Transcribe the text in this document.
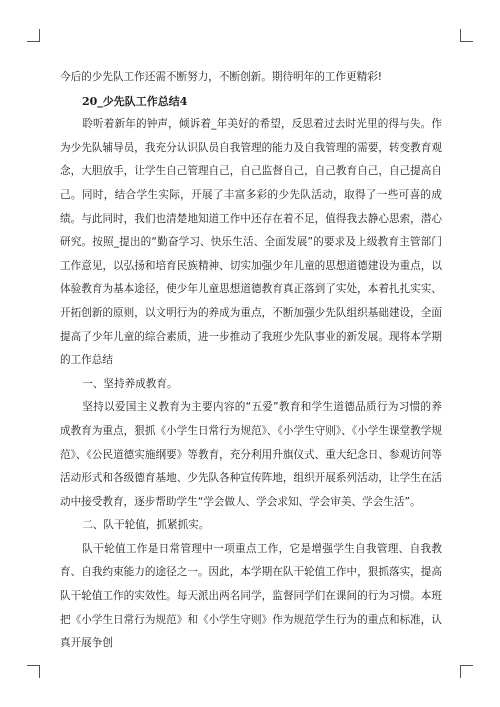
今后的少先队工作还需不断努力，不断创新。期待明年的工作更精彩!

20_少先队工作总结4

聆听着新年的钟声，倾诉着_年美好的希望，反思着过去时光里的得与失。作为少先队辅导员，我充分认识队员自我管理的能力及自我管理的需要，转变教育观念，大胆放手，让学生自己管理自己，自己监督自己，自己教育自己，自己提高自己。同时，结合学生实际，开展了丰富多彩的少先队活动，取得了一些可喜的成绩。与此同时，我们也清楚地知道工作中还存在着不足，值得我去静心思索，潜心研究。按照_提出的“勤奋学习、快乐生活、全面发展”的要求及上级教育主管部门工作意见，以弘扬和培育民族精神、切实加强少年儿童的思想道德建设为重点，以体验教育为基本途径，使少年儿童思想道德教育真正落到了实处，本着扎扎实实、开拓创新的原则，以文明行为的养成为重点，不断加强少先队组织基础建设，全面提高了少年儿童的综合素质，进一步推动了我班少先队事业的新发展。现将本学期的工作总结

一、坚持养成教育。

坚持以爱国主义教育为主要内容的“五爱”教育和学生道德品质行为习惯的养成教育为重点，狠抓《小学生日常行为规范》、《小学生守则》、《小学生课堂教学规范》、《公民道德实施纲要》等教育，充分利用升旗仪式、重大纪念日、参观访问等活动形式和各级德育基地、少先队各种宣传阵地，组织开展系列活动，让学生在活动中接受教育，逐步帮助学生“学会做人、学会求知、学会审美、学会生活”。

二、队干轮值，抓紧抓实。

队干轮值工作是日常管理中一项重点工作，它是增强学生自我管理、自我教育、自我约束能力的途径之一。因此，本学期在队干轮值工作中，狠抓落实，提高队干轮值工作的实效性。每天派出两名同学，监督同学们在课间的行为习惯。本班把《小学生日常行为规范》和《小学生守则》作为规范学生行为的重点和标准，认真开展争创
